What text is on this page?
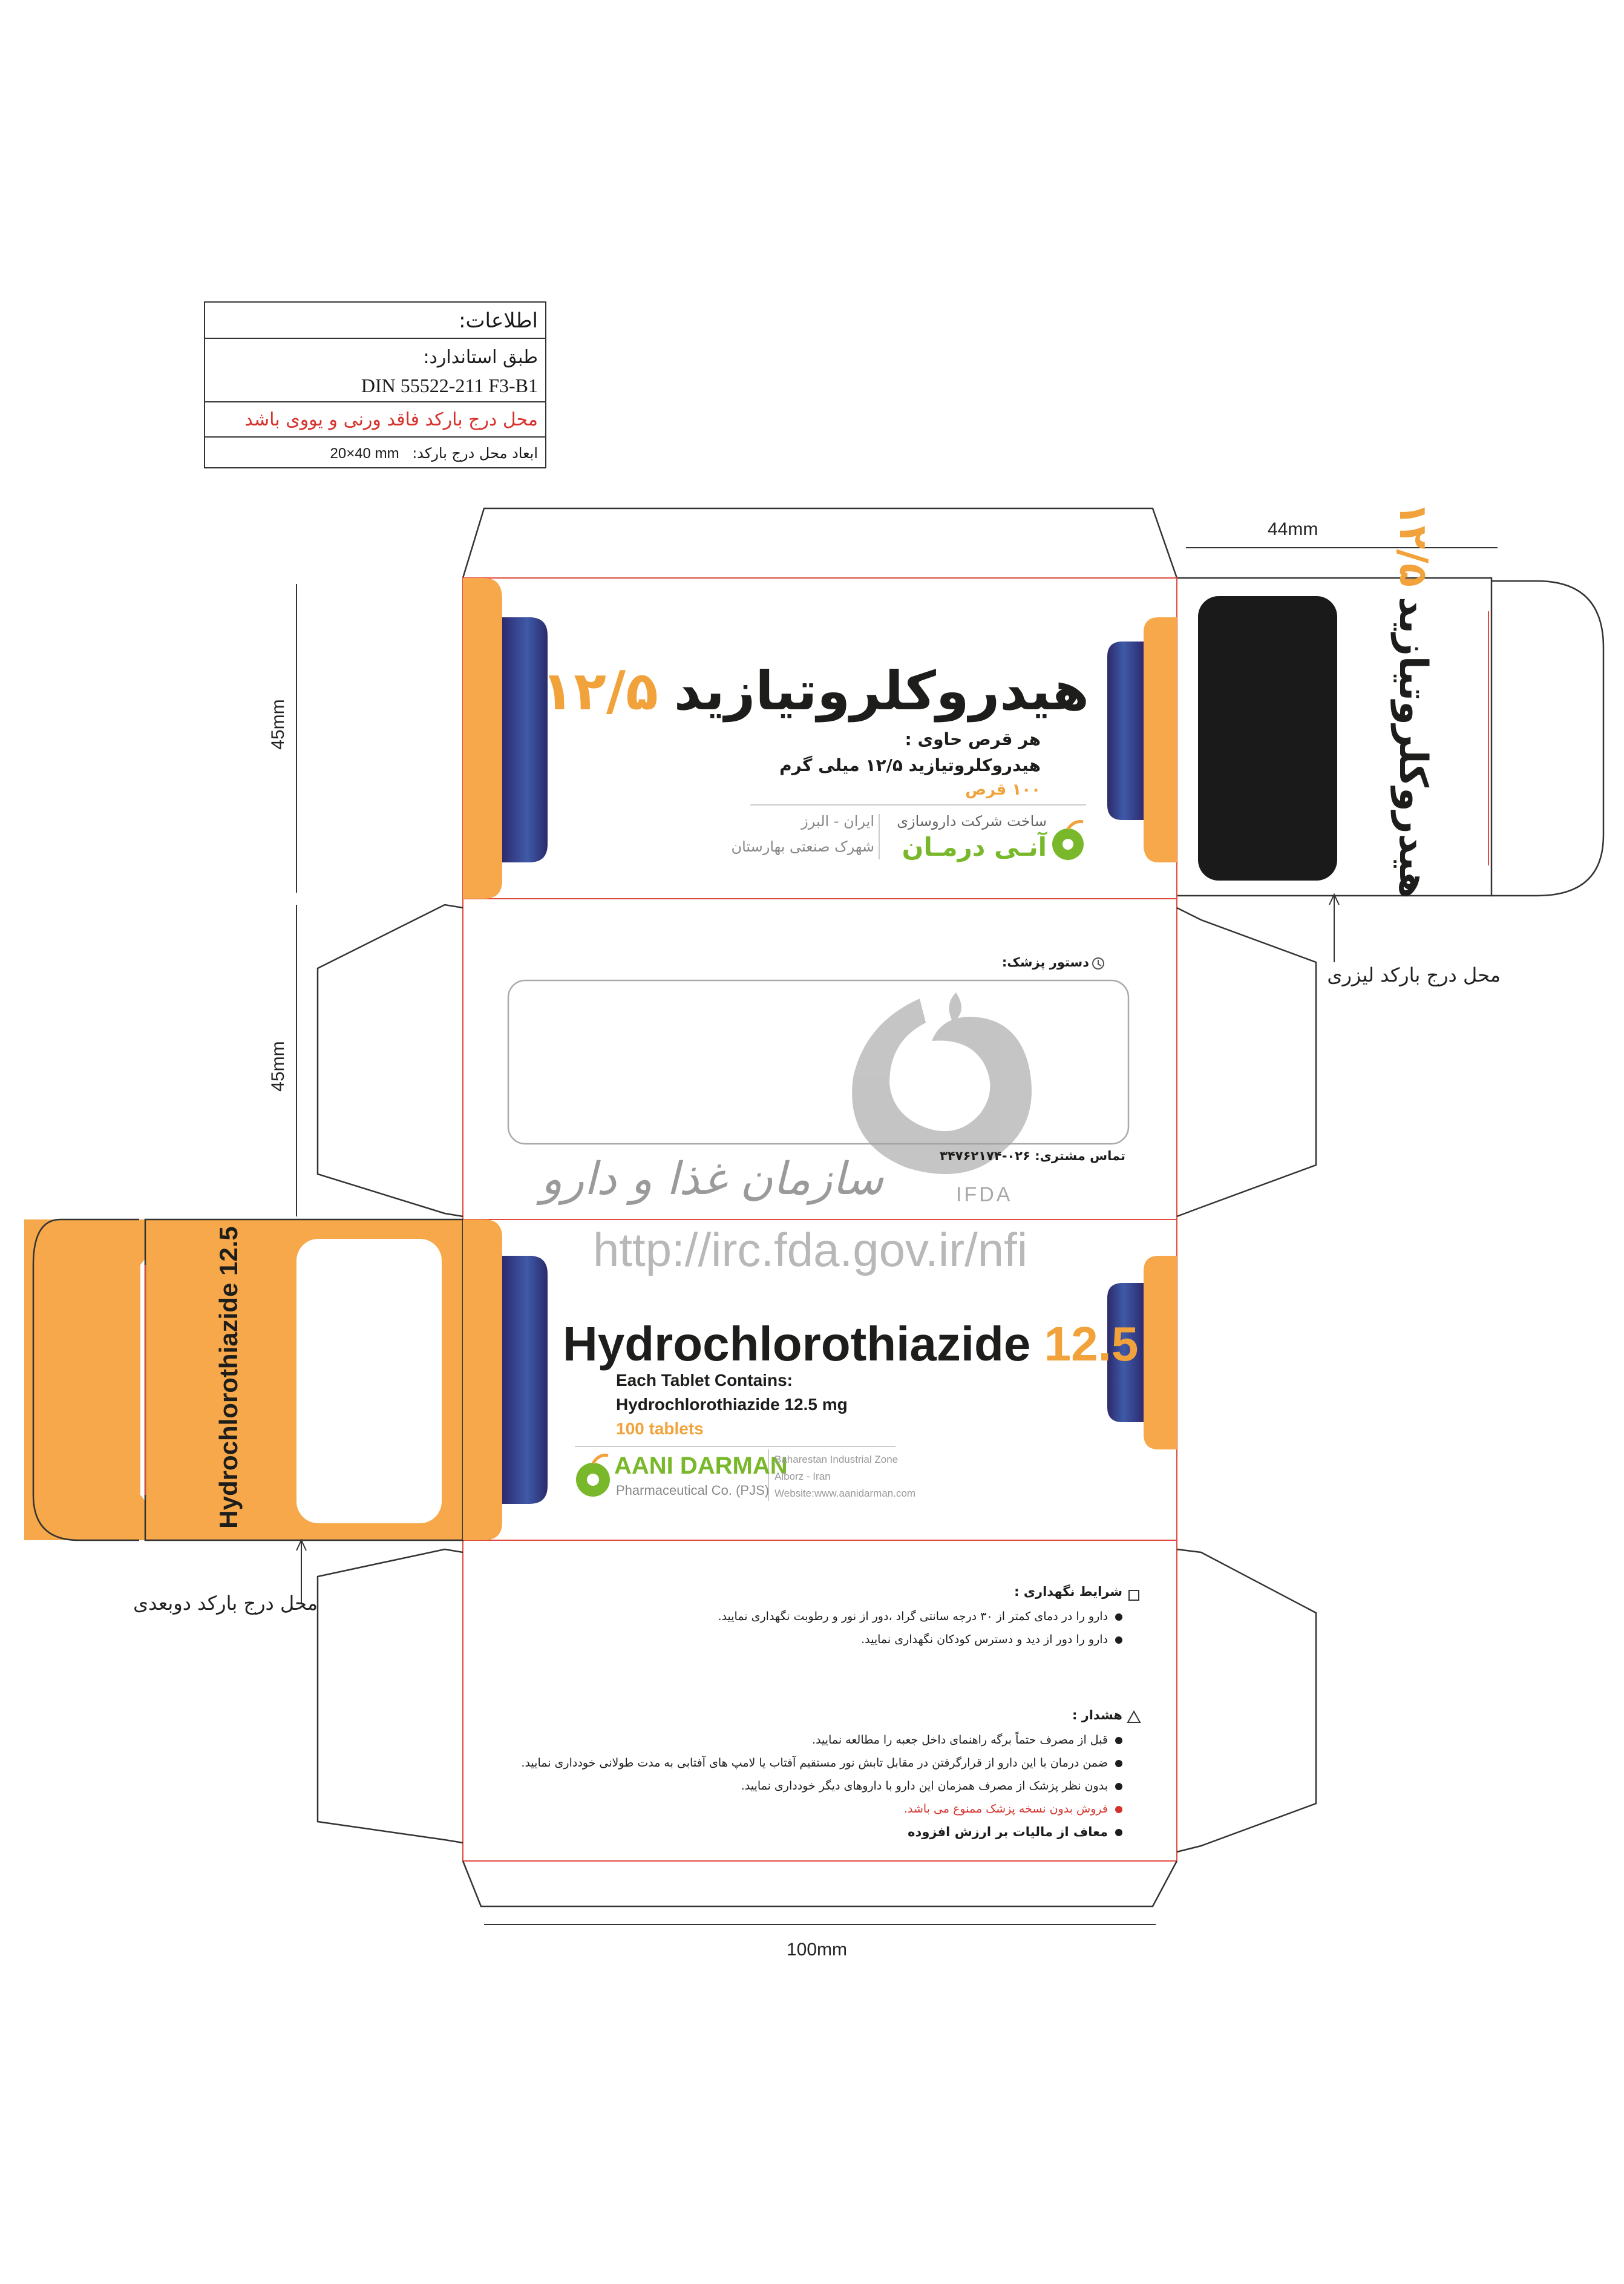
اطلاعات:
طبق استاندارد:
DIN 55522-211 F3-B1
محل درج بارکد فاقد ورنی و یووی باشد
ابعاد محل درج بارکد: 20×40 mm
44mm
45mm
45mm
100mm
محل درج بارکد لیزری
محل درج بارکد دوبعدی
هیدروکلروتیازید۱۲/۵
هر قرص حاوی :
هیدروکلروتیازید ۱۲/۵ میلی گرم
۱۰۰ قرص
ساخت شرکت داروسازی
آنـی درمـان
ایران - البرز
شهرک صنعتی بهارستان	هیدروکلروتیازید۱۲/۵
دستور پزشک:
تماس مشتری: ۰۲۶-۳۴۷۶۲۱۷۴
سازمان غذا و دارو	IFDA
http://irc.fda.gov.ir/nfi
Hydrochlorothiazide 12.5
Each Tablet Contains:
Hydrochlorothiazide 12.5 mg
100 tablets
AANI DARMAN
Pharmaceutical Co. (PJS)
Baharestan Industrial Zone
Alborz - Iran
Website:www.aanidarman.com
Hydrochlorothiazide 12.5
شرایط نگهداری :
دارو را در دمای کمتر از ۳۰ درجه سانتی گراد ،دور از نور و رطوبت نگهداری نمایید.
دارو را دور از دید و دسترس کودکان نگهداری نمایید.
هشدار :
قبل از مصرف حتماً برگه راهنمای داخل جعبه را مطالعه نمایید.
ضمن درمان با این دارو از قرارگرفتن در مقابل تابش نور مستقیم آفتاب یا لامپ های آفتابی به مدت طولانی خودداری نمایید.
بدون نظر پزشک از مصرف همزمان این دارو با داروهای دیگر خودداری نمایید.
فروش بدون نسخه پزشک ممنوع می باشد.
معاف از مالیات بر ارزش افزوده
